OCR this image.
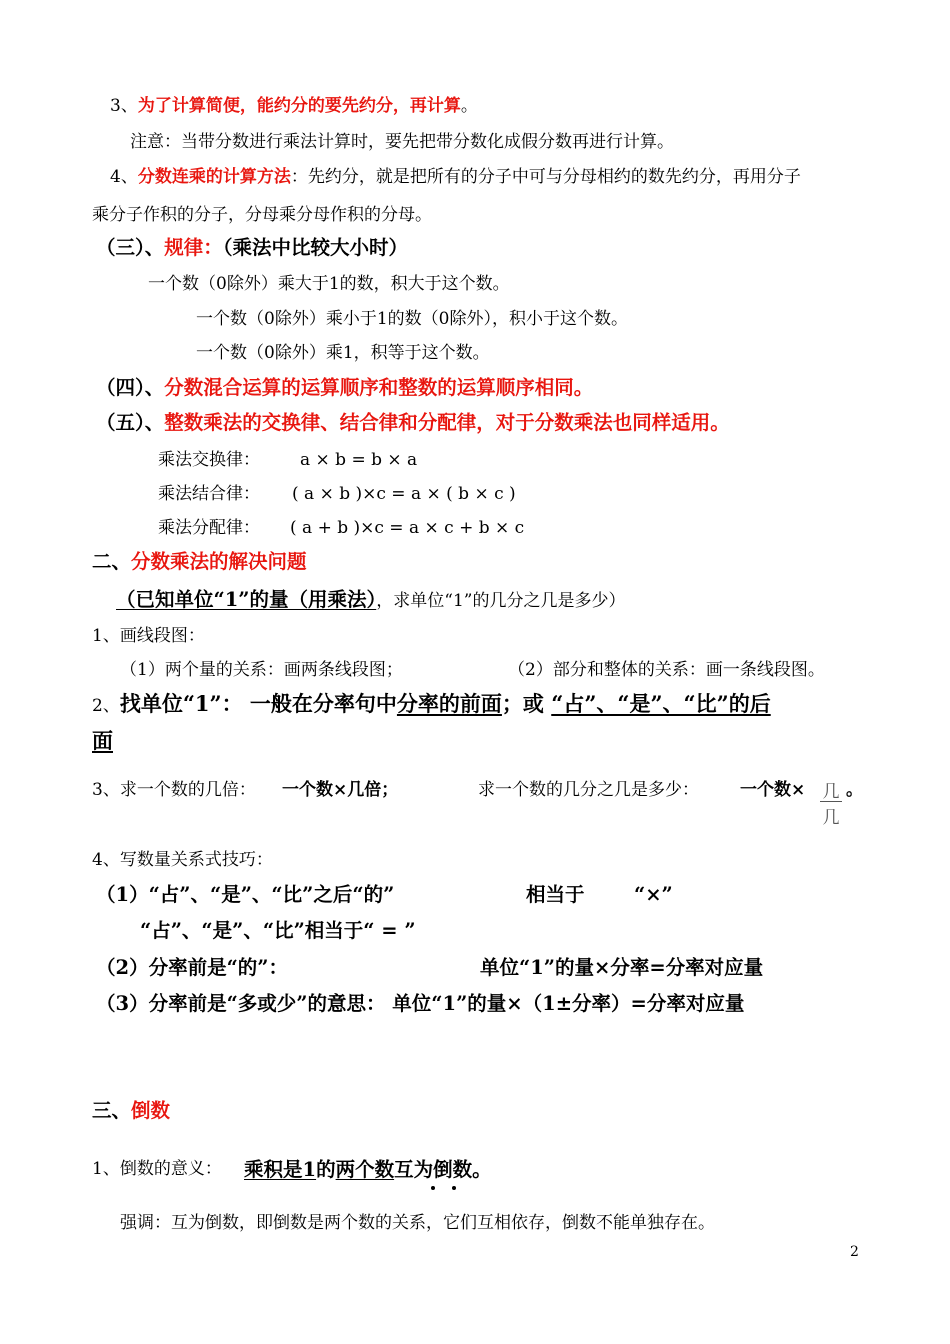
3、为了计算简便，能约分的要先约分，再计算。
注意：当带分数进行乘法计算时，要先把带分数化成假分数再进行计算。
4、分数连乘的计算方法：先约分，就是把所有的分子中可与分母相约的数先约分，再用分子
乘分子作积的分子，分母乘分母作积的分母。
（三）、规律：（乘法中比较大小时）
一个数（0除外）乘大于1的数，积大于这个数。
一个数（0除外）乘小于1的数（0除外），积小于这个数。
一个数（0除外）乘1，积等于这个数。
（四）、分数混合运算的运算顺序和整数的运算顺序相同。
（五）、整数乘法的交换律、结合律和分配律，对于分数乘法也同样适用。
乘法交换律： a × b = b × a
乘法结合律： ( a × b )×c = a × ( b × c )
乘法分配律： ( a + b )×c = a × c + b × c
二、分数乘法的解决问题
（已知单位“1”的量（用乘法），求单位“1”的几分之几是多少）
1、画线段图：
（1）两个量的关系：画两条线段图；	（2）部分和整体的关系：画一条线段图。
2、找单位“1”： 一般在分率句中分率的前面；或 “占”、“是”、“比”的后
面
3、求一个数的几倍： 一个数×几倍；	求一个数的几分之几是多少： 一个数× 几
几
。
4、写数量关系式技巧：
（1）“占”、“是”、“比”之后“的”	相当于	“×”
“占”、“是”、“比”相当于“ = ”
（2）分率前是“的”：	单位“1”的量×分率=分率对应量
（3）分率前是“多或少”的意思： 单位“1”的量×（1±分率）=分率对应量
三、倒数
1、倒数的意义： 乘积是1的两个数互为倒数。
强调：互为倒数，即倒数是两个数的关系，它们互相依存，倒数不能单独存在。
2
